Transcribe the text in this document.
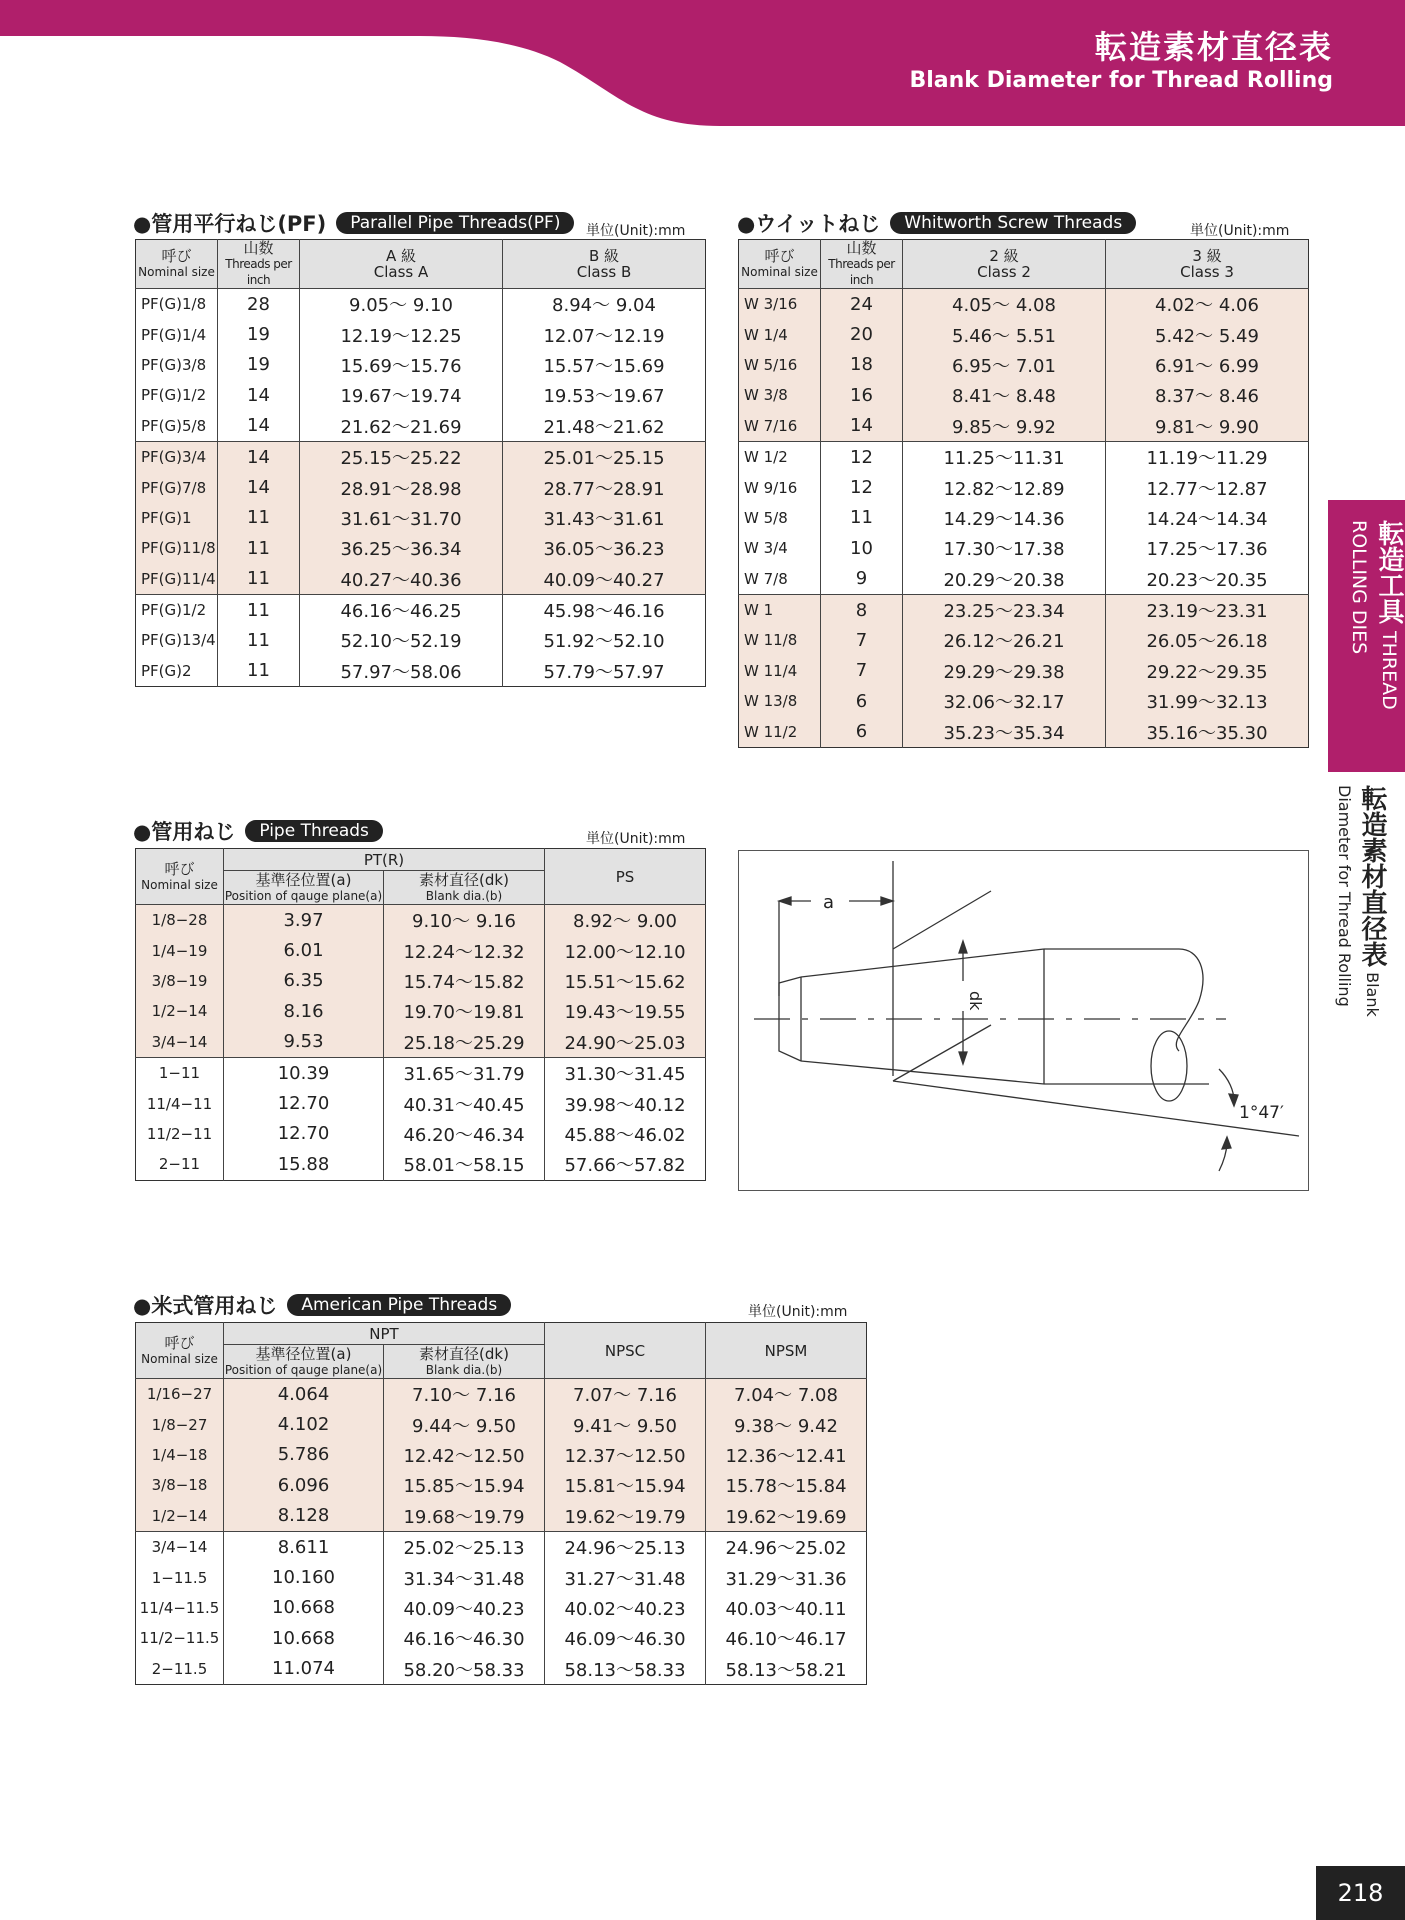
転造素材直径表
Blank Diameter for Thread Rolling
転造工具 THREAD ROLLING DIES
転造素材直径表 Blank Diameter for Thread Rolling
●管用平行ねじ(PF)	Parallel Pipe Threads(PF)	単位(Unit):mm
呼び
Nominal size	山数
Threads per inch	A 級
Class A	B 級
Class B
PF(G)1/8	28	9.05～ 9.10	8.94～ 9.04
PF(G)1/4	19	12.19～12.25	12.07～12.19
PF(G)3/8	19	15.69～15.76	15.57～15.69
PF(G)1/2	14	19.67～19.74	19.53～19.67
PF(G)5/8	14	21.62～21.69	21.48～21.62
PF(G)3/4	14	25.15～25.22	25.01～25.15
PF(G)7/8	14	28.91～28.98	28.77～28.91
PF(G)1	11	31.61～31.70	31.43～31.61
PF(G)11/8	11	36.25～36.34	36.05～36.23
PF(G)11/4	11	40.27～40.36	40.09～40.27
PF(G)1/2	11	46.16～46.25	45.98～46.16
PF(G)13/4	11	52.10～52.19	51.92～52.10
PF(G)2	11	57.97～58.06	57.79～57.97
●ウイットねじ	Whitworth Screw Threads	単位(Unit):mm
呼び
Nominal size	山数
Threads per inch	2 級
Class 2	3 級
Class 3
W 3/16	24	4.05～ 4.08	4.02～ 4.06
W 1/4	20	5.46～ 5.51	5.42～ 5.49
W 5/16	18	6.95～ 7.01	6.91～ 6.99
W 3/8	16	8.41～ 8.48	8.37～ 8.46
W 7/16	14	9.85～ 9.92	9.81～ 9.90
W 1/2	12	11.25～11.31	11.19～11.29
W 9/16	12	12.82～12.89	12.77～12.87
W 5/8	11	14.29～14.36	14.24～14.34
W 3/4	10	17.30～17.38	17.25～17.36
W 7/8	9	20.29～20.38	20.23～20.35
W 1	8	23.25～23.34	23.19～23.31
W 11/8	7	26.12～26.21	26.05～26.18
W 11/4	7	29.29～29.38	29.22～29.35
W 13/8	6	32.06～32.17	31.99～32.13
W 11/2	6	35.23～35.34	35.16～35.30
●管用ねじ	Pipe Threads	単位(Unit):mm
呼び
Nominal size	PT(R)		PS
	基準径位置(a)
Position of qauge plane(a)	素材直径(dk)
Blank dia.(b)	

1/8−28	3.97	9.10～ 9.16	8.92～ 9.00
1/4−19	6.01	12.24～12.32	12.00～12.10
3/8−19	6.35	15.74～15.82	15.51～15.62
1/2−14	8.16	19.70～19.81	19.43～19.55
3/4−14	9.53	25.18～25.29	24.90～25.03
1−11	10.39	31.65～31.79	31.30～31.45
11/4−11	12.70	40.31～40.45	39.98～40.12
11/2−11	12.70	46.20～46.34	45.88～46.02
2−11	15.88	58.01～58.15	57.66～57.82
a
dk
1°47′
●米式管用ねじ	American Pipe Threads	単位(Unit):mm
呼び
Nominal size	NPT		NPSC	NPSM
	基準径位置(a)
Position of qauge plane(a)	素材直径(dk)
Blank dia.(b)		

1/16−27	4.064	7.10～ 7.16	7.07～ 7.16	7.04～ 7.08
1/8−27	4.102	9.44～ 9.50	9.41～ 9.50	9.38～ 9.42
1/4−18	5.786	12.42～12.50	12.37～12.50	12.36～12.41
3/8−18	6.096	15.85～15.94	15.81～15.94	15.78～15.84
1/2−14	8.128	19.68～19.79	19.62～19.79	19.62～19.69
3/4−14	8.611	25.02～25.13	24.96～25.13	24.96～25.02
1−11.5	10.160	31.34～31.48	31.27～31.48	31.29～31.36
11/4−11.5	10.668	40.09～40.23	40.02～40.23	40.03～40.11
11/2−11.5	10.668	46.16～46.30	46.09～46.30	46.10～46.17
2−11.5	11.074	58.20～58.33	58.13～58.33	58.13～58.21
218
